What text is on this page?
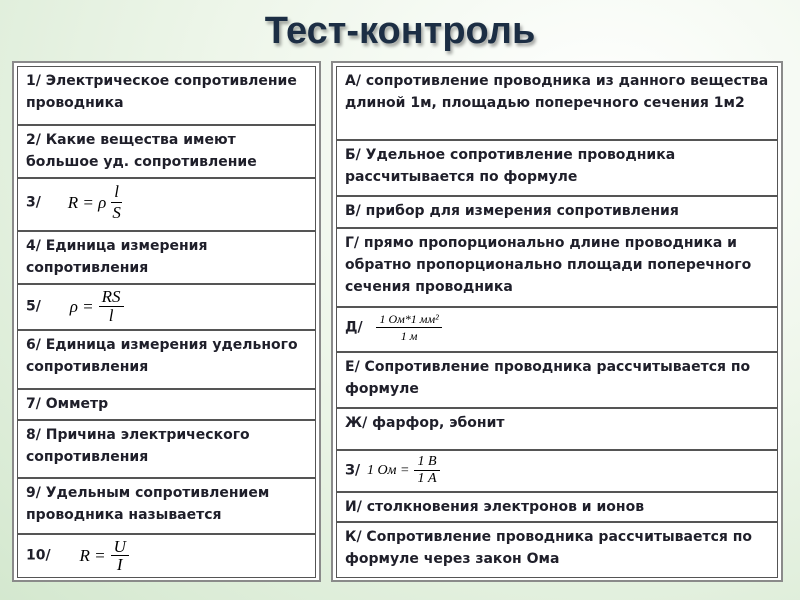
Тест-контроль
1/ Электрическое сопротивление проводника
2/ Какие вещества имеют большое уд. сопротивление
3/ R = ρ $\frac{l}{S}$
4/ Единица измерения сопротивления
5/ $\rho = \frac{RS}{l}$
6/ Единица измерения удельного сопротивления
7/ Омметр
8/ Причина электрического сопротивления
9/ Удельным сопротивлением проводника называется
10/ $R = \frac{U}{I}$
А/ сопротивление проводника из данного вещества длиной 1м, площадью поперечного сечения 1м2
Б/ Удельное сопротивление проводника рассчитывается по формуле
В/ прибор для измерения сопротивления
Г/ прямо пропорционально длине проводника и обратно пропорционально площади поперечного сечения проводника
$Д/ \frac{\text{1 Ом*1 мм²}}{1 м}$
Е/ Сопротивление проводника рассчитывается по формуле
Ж/ фарфор, эбонит
З/ 1 Ом = $\frac{1 В}{1 А}$
И/ столкновения электронов и ионов
К/ Сопротивление проводника рассчитывается по формуле через закон Ома
